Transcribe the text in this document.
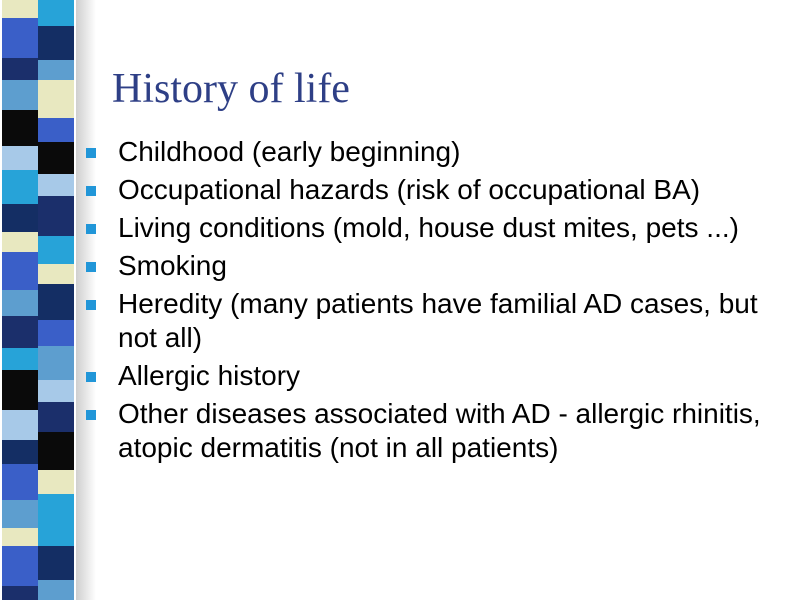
History of life
Childhood (early beginning)
Occupational hazards (risk of occupational BA)
Living conditions (mold, house dust mites, pets ...)
Smoking
Heredity (many patients have familial AD cases, but not all)
Allergic history
Other diseases associated with AD - allergic rhinitis, atopic dermatitis (not in all patients)
